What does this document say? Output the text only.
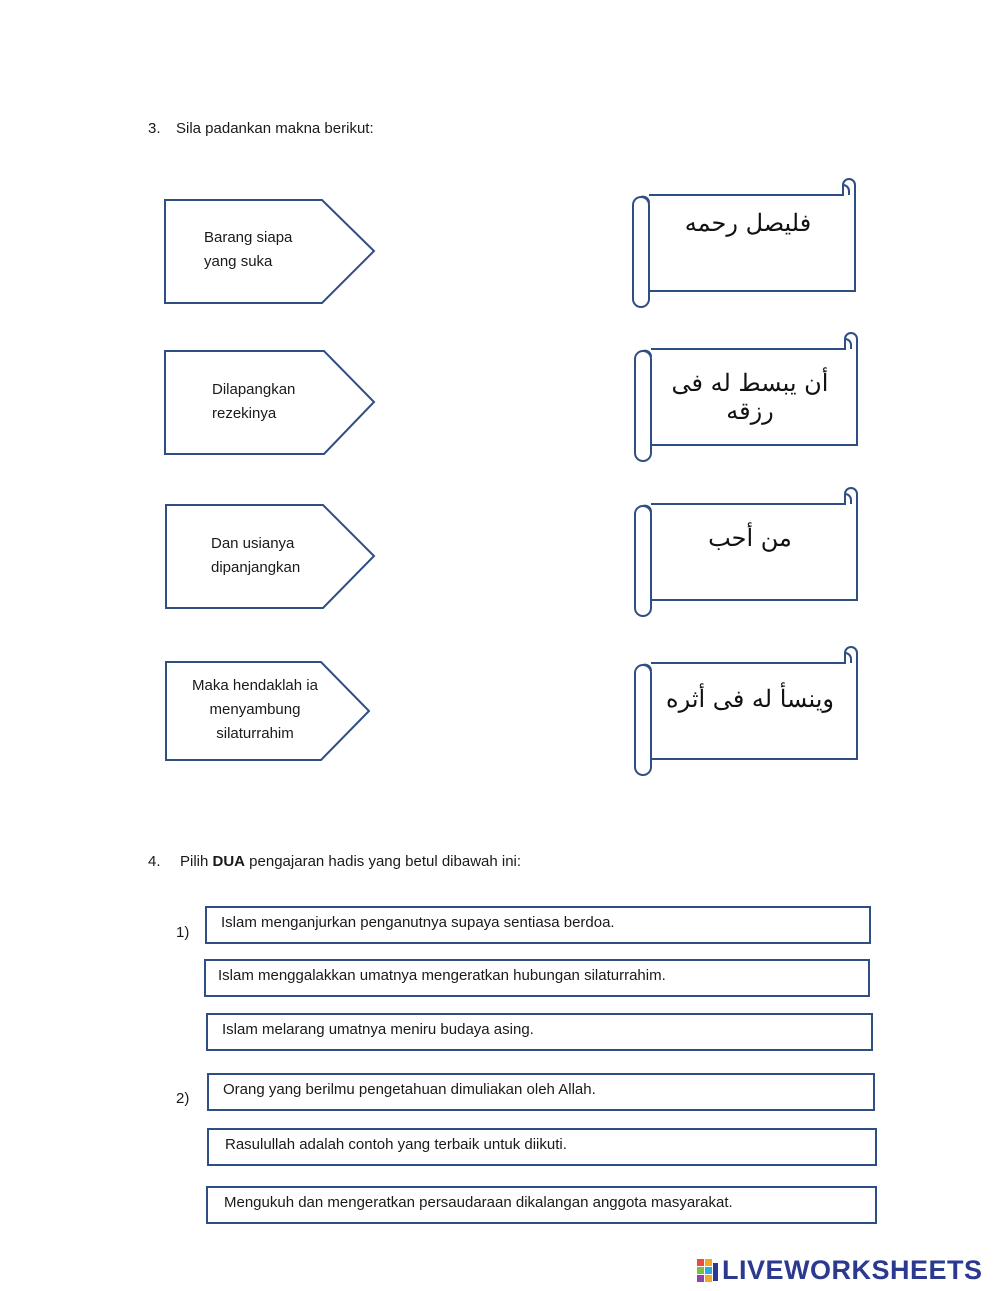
3. Sila padankan makna berikut:
Barang siapa
yang suka
Dilapangkan
rezekinya
Dan usianya
dipanjangkan
Maka hendaklah ia
menyambung
silaturrahim
فليصل رحمه
أن يبسط له فى رزقه
من أحب
وينسأ له فى أثره
4. Pilih DUA pengajaran hadis yang betul dibawah ini:
1)
Islam menganjurkan penganutnya supaya sentiasa berdoa.
Islam menggalakkan umatnya mengeratkan hubungan silaturrahim.
Islam melarang umatnya meniru budaya asing.
2)
Orang yang berilmu pengetahuan dimuliakan oleh Allah.
Rasulullah adalah contoh yang terbaik untuk diikuti.
Mengukuh dan mengeratkan persaudaraan dikalangan anggota masyarakat.
LIVEWORKSHEETS
